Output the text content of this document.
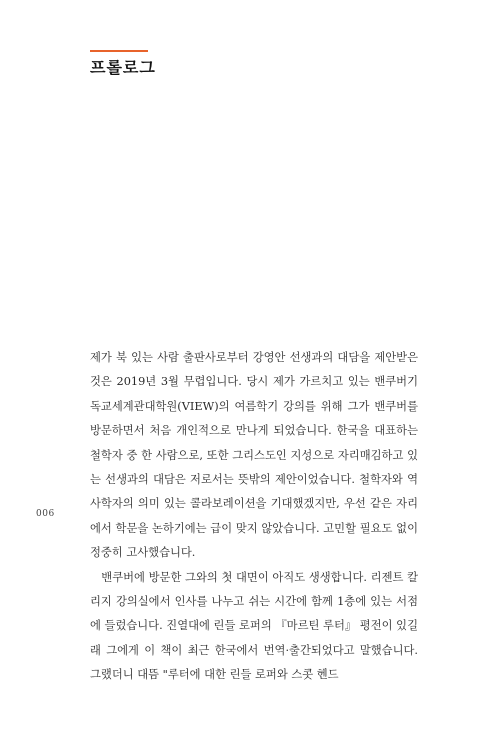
프롤로그

제가 북 있는 사람 출판사로부터 강영안 선생과의 대담을 제안받은 것은 2019년 3월 무렵입니다. 당시 제가 가르치고 있는 밴쿠버기독교세계관대학원(VIEW)의 여름학기 강의를 위해 그가 밴쿠버를 방문하면서 처음 개인적으로 만나게 되었습니다. 한국을 대표하는 철학자 중 한 사람으로, 또한 그리스도인 지성으로 자리매김하고 있는 선생과의 대담은 저로서는 뜻밖의 제안이었습니다. 철학자와 역사학자의 의미 있는 콜라보레이션을 기대했겠지만, 우선 같은 자리에서 학문을 논하기에는 급이 맞지 않았습니다. 고민할 필요도 없이 정중히 고사했습니다.

밴쿠버에 방문한 그와의 첫 대면이 아직도 생생합니다. 리젠트 칼리지 강의실에서 인사를 나누고 쉬는 시간에 함께 1층에 있는 서점에 들렀습니다. 진열대에 린들 로퍼의 『마르틴 루터』 평전이 있길래 그에게 이 책이 최근 한국에서 번역·출간되었다고 말했습니다. 그랬더니 대뜸 "루터에 대한 린들 로퍼와 스콧 헨드

006
